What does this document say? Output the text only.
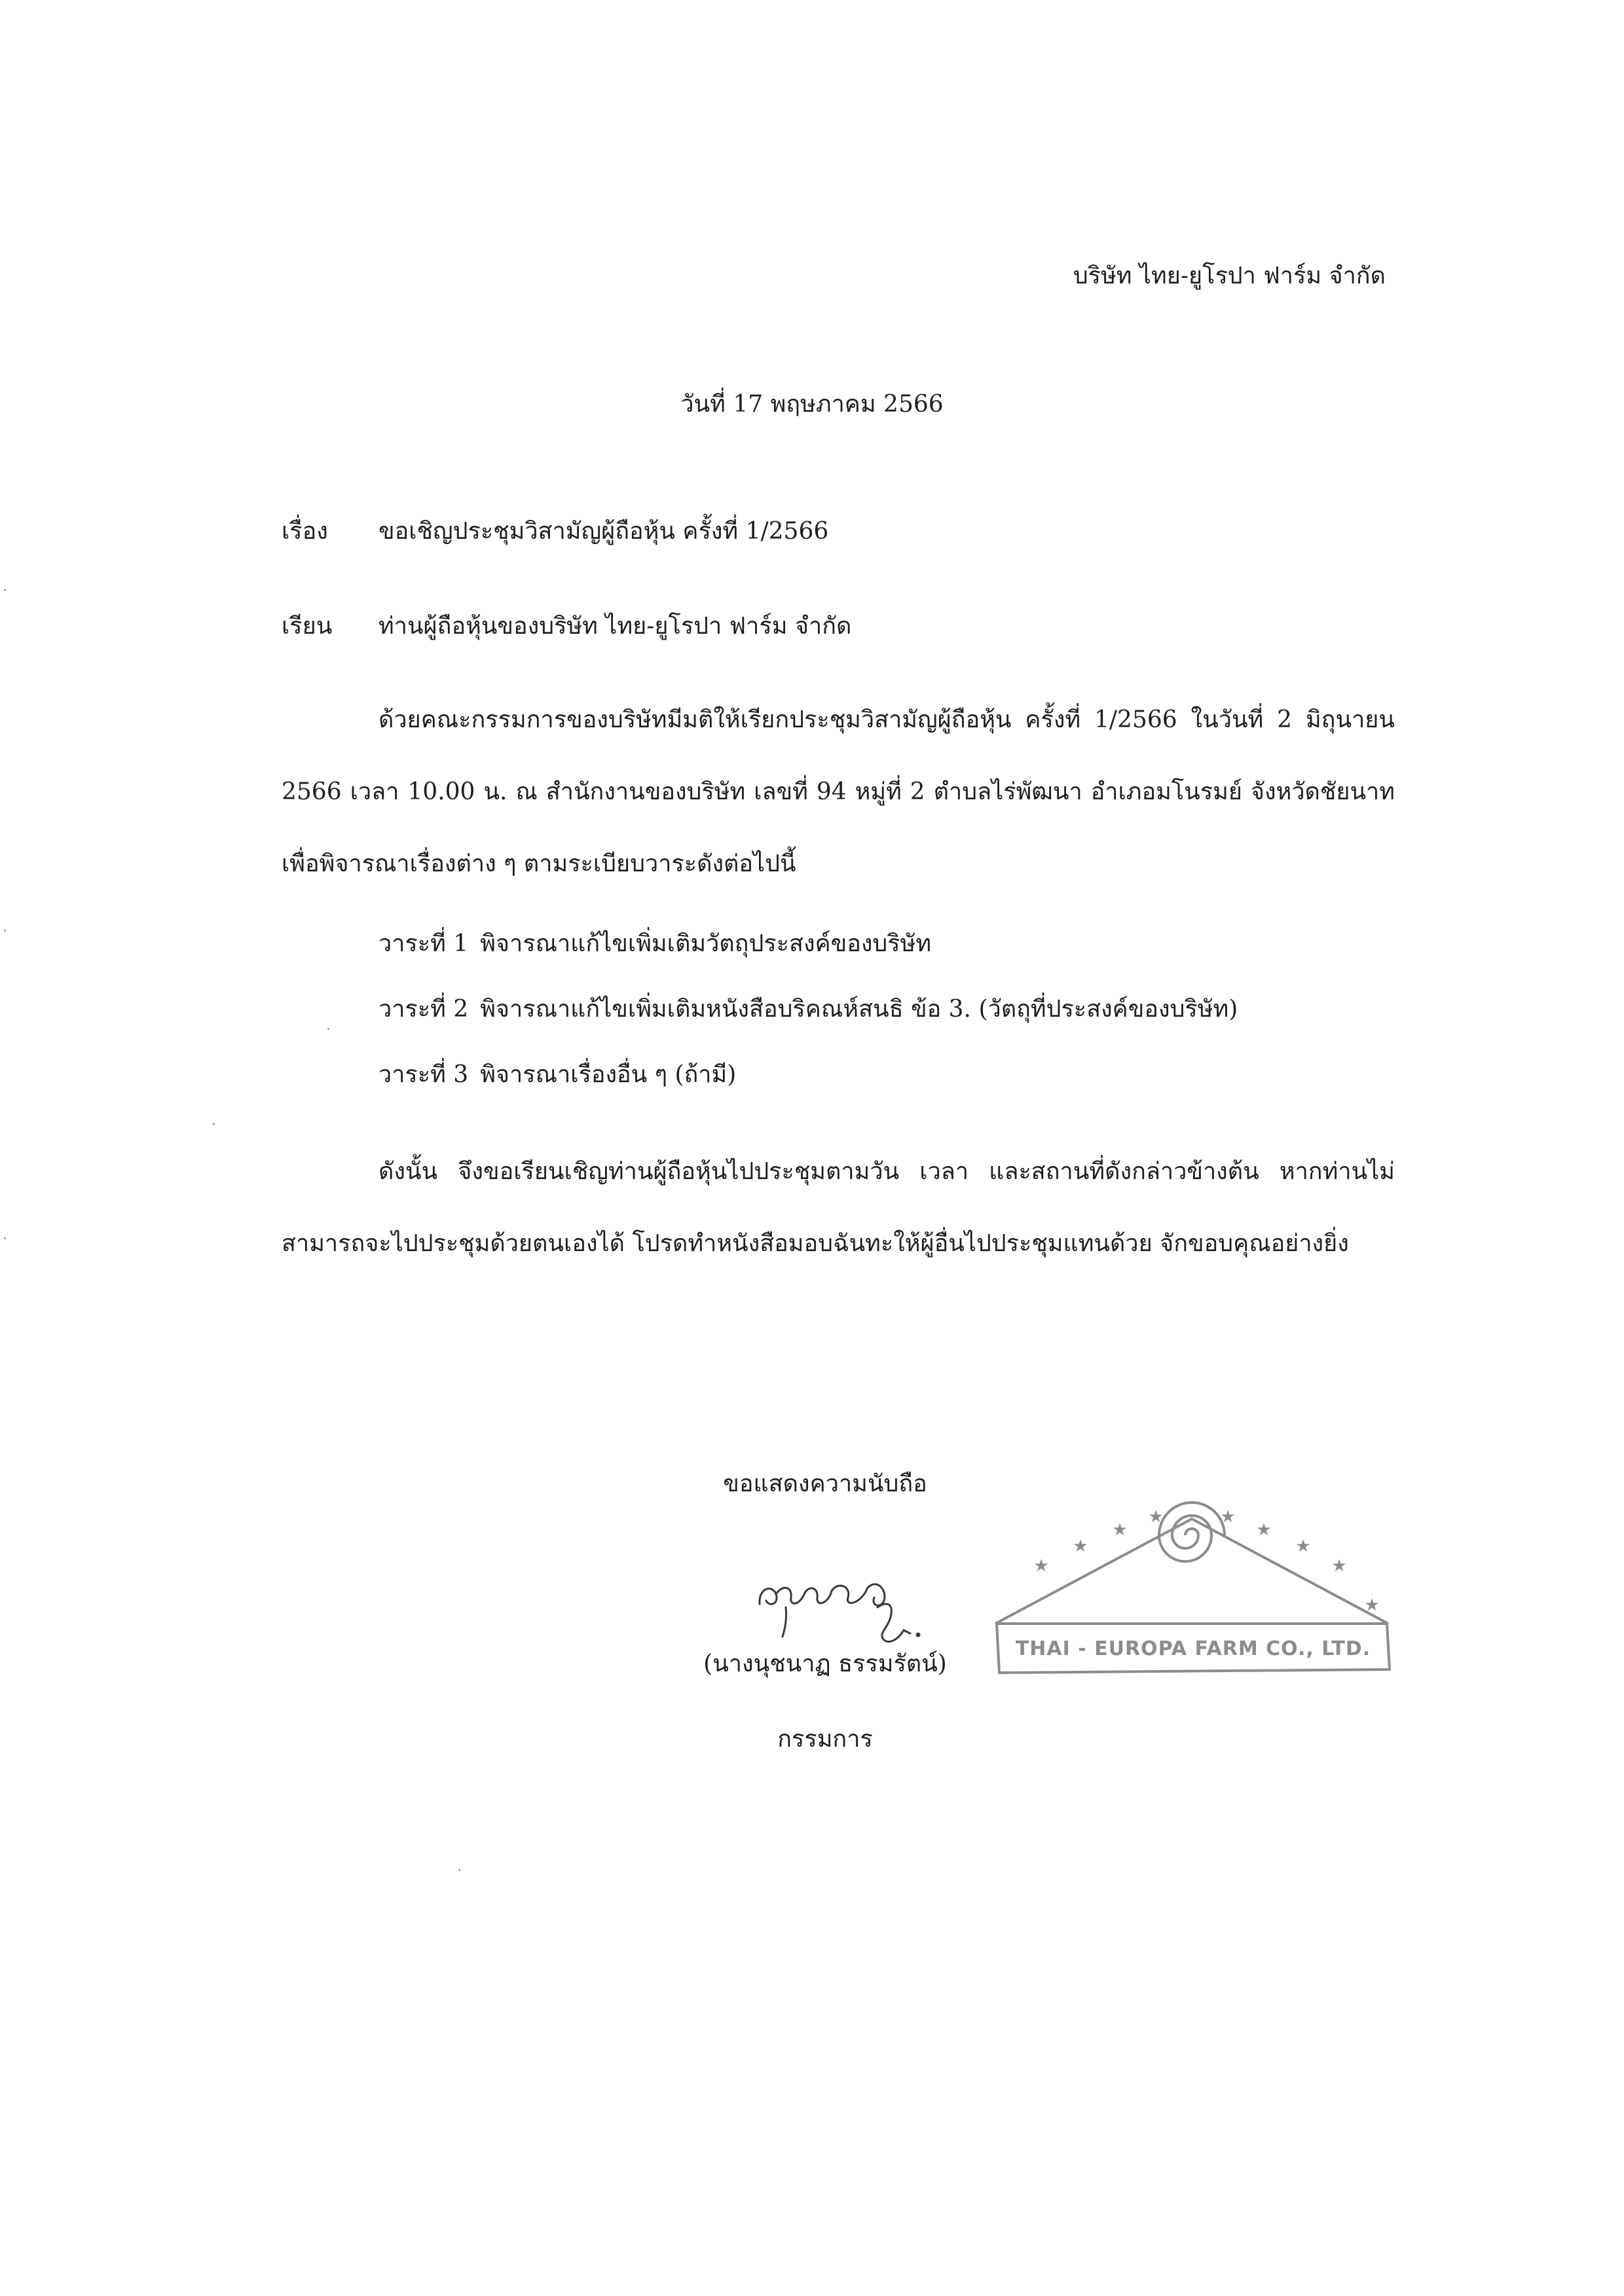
บริษัท ไทย-ยูโรปา ฟาร์ม จำกัด
วันที่ 17 พฤษภาคม 2566
เรื่อง ขอเชิญประชุมวิสามัญผู้ถือหุ้น ครั้งที่ 1/2566
เรียน ท่านผู้ถือหุ้นของบริษัท ไทย-ยูโรปา ฟาร์ม จำกัด
ด้วยคณะกรรมการของบริษัทมีมติให้เรียกประชุมวิสามัญผู้ถือหุ้น ครั้งที่ 1/2566 ในวันที่ 2 มิถุนายน 2566 เวลา 10.00 น. ณ สำนักงานของบริษัท เลขที่ 94 หมู่ที่ 2 ตำบลไร่พัฒนา อำเภอมโนรมย์ จังหวัดชัยนาท เพื่อพิจารณาเรื่องต่าง ๆ ตามระเบียบวาระดังต่อไปนี้
วาระที่ 1 พิจารณาแก้ไขเพิ่มเติมวัตถุประสงค์ของบริษัท
วาระที่ 2 พิจารณาแก้ไขเพิ่มเติมหนังสือบริคณห์สนธิ ข้อ 3. (วัตถุที่ประสงค์ของบริษัท)
วาระที่ 3 พิจารณาเรื่องอื่น ๆ (ถ้ามี)
ดังนั้น จึงขอเรียนเชิญท่านผู้ถือหุ้นไปประชุมตามวัน เวลา และสถานที่ดังกล่าวข้างต้น หากท่านไม่สามารถจะไปประชุมด้วยตนเองได้ โปรดทำหนังสือมอบฉันทะให้ผู้อื่นไปประชุมแทนด้วย จักขอบคุณอย่างยิ่ง
ขอแสดงความนับถือ
(นางนุชนาฏ ธรรมรัตน์)
กรรมการ
★
★
★
★	★
★
★
★
★
THAI - EUROPA FARM CO., LTD.
